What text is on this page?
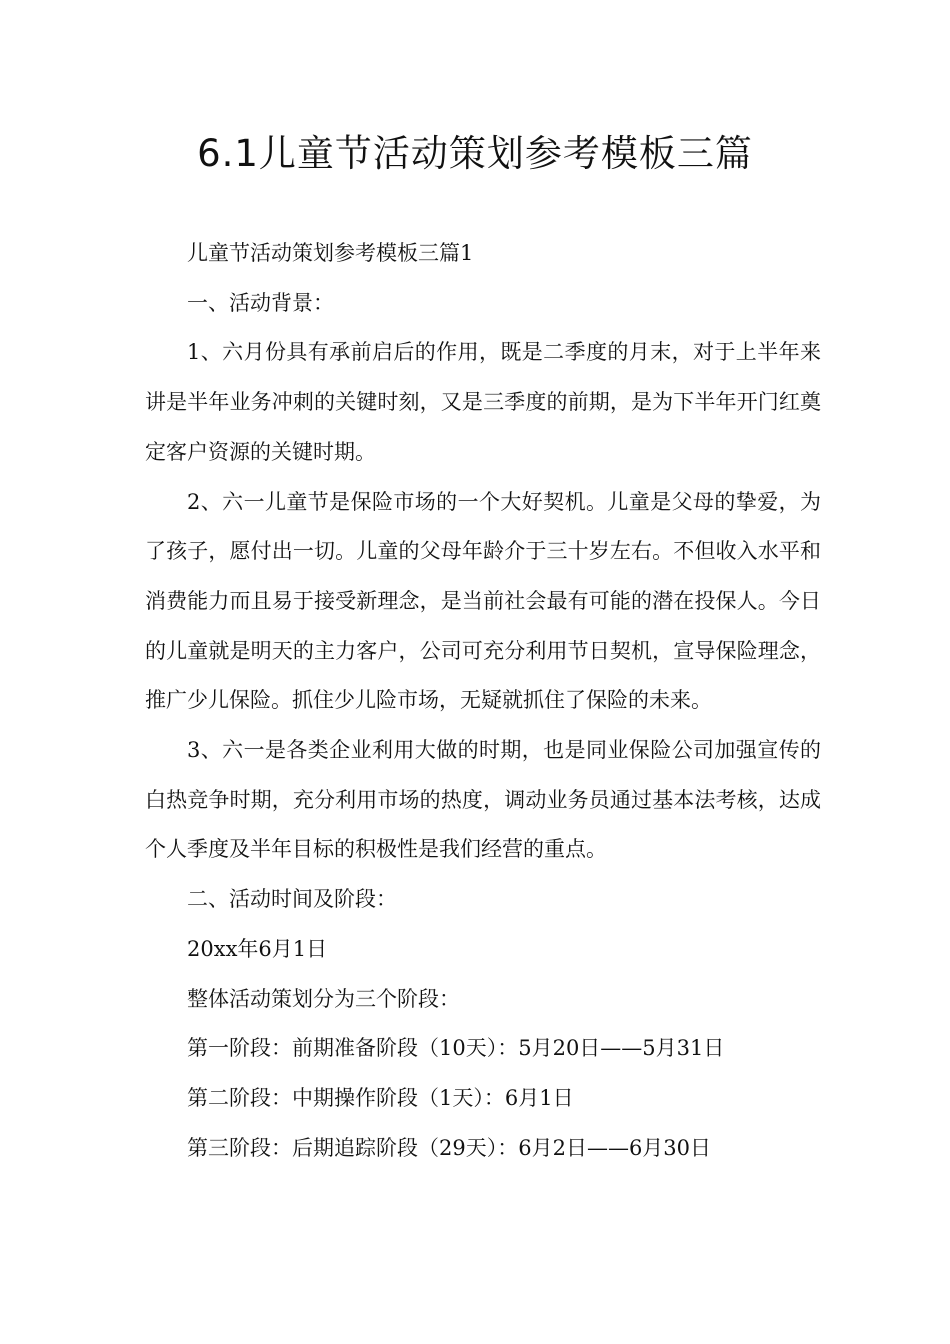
6.1儿童节活动策划参考模板三篇

儿童节活动策划参考模板三篇1

一、活动背景：

1、六月份具有承前启后的作用，既是二季度的月末，对于上半年来讲是半年业务冲刺的关键时刻，又是三季度的前期，是为下半年开门红奠定客户资源的关键时期。

2、六一儿童节是保险市场的一个大好契机。儿童是父母的挚爱，为了孩子，愿付出一切。儿童的父母年龄介于三十岁左右。不但收入水平和消费能力而且易于接受新理念，是当前社会最有可能的潜在投保人。今日的儿童就是明天的主力客户，公司可充分利用节日契机，宣导保险理念，推广少儿保险。抓住少儿险市场，无疑就抓住了保险的未来。

3、六一是各类企业利用大做的时期，也是同业保险公司加强宣传的白热竞争时期，充分利用市场的热度，调动业务员通过基本法考核，达成个人季度及半年目标的积极性是我们经营的重点。

二、活动时间及阶段：

20xx年6月1日

整体活动策划分为三个阶段：

第一阶段：前期准备阶段（10天）：5月20日——5月31日

第二阶段：中期操作阶段（1天）：6月1日

第三阶段：后期追踪阶段（29天）：6月2日——6月30日
